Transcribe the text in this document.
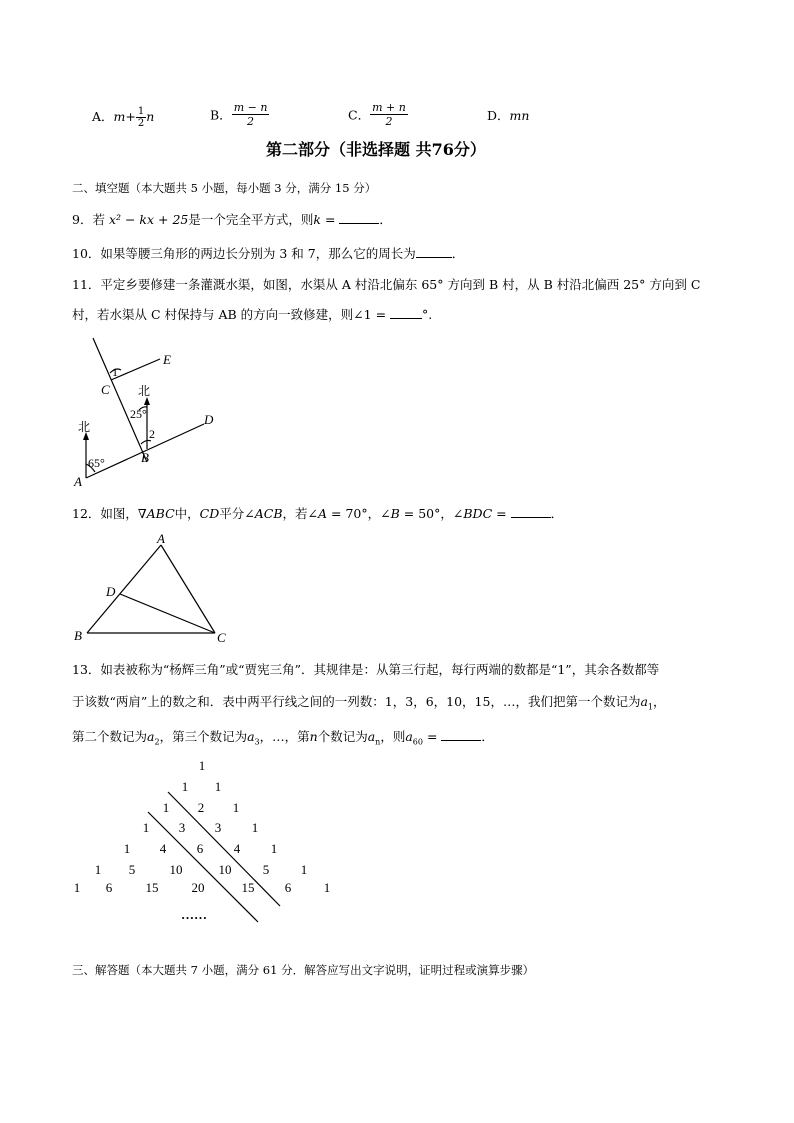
A．$m+ \frac{1}{2}$ n	B． $\frac{m - n}{2}$	C． $\frac{m + n}{2}$	D．mn
第二部分（非选择题 共76分）
二、填空题（本大题共 5 小题，每小题 3 分，满分 15 分）
9．若 x² − kx + 25是一个完全平方式，则k =	．
10．如果等腰三角形的两边长分别为 3 和 7，那么它的周长为	．
11．平定乡要修建一条灌溉水渠，如图，水渠从 A 村沿北偏东 65° 方向到 B 村，从 B 村沿北偏西 25° 方向到 C
村，若水渠从 C 村保持与 AB 的方向一致修建，则∠1 =	°.
E
C
1
北
25°
2
D
北
65°	B
A
A
D
B	C
1
1 1
1 2 1
1 3 3 1
1 4 6 4 1
1 5	10	10 5 1
1 6	15	20	15 6	1
……
12．如图，∇ABC中，CD平分∠ACB，若∠A = 70°，∠B = 50°，∠BDC =	．
13．如表被称为“杨辉三角”或“贾宪三角”．其规律是：从第三行起，每行两端的数都是“1”，其余各数都等
于该数“两肩”上的数之和．表中两平行线之间的一列数：1，3，6，10，15，…，我们把第一个数记为$a_1$，
第二个数记为$a_2$，第三个数记为$a_3$，…，第n个数记为$a_n$，则$a_{60}$ =	．
三、解答题（本大题共 7 小题，满分 61 分．解答应写出文字说明，证明过程或演算步骤）
